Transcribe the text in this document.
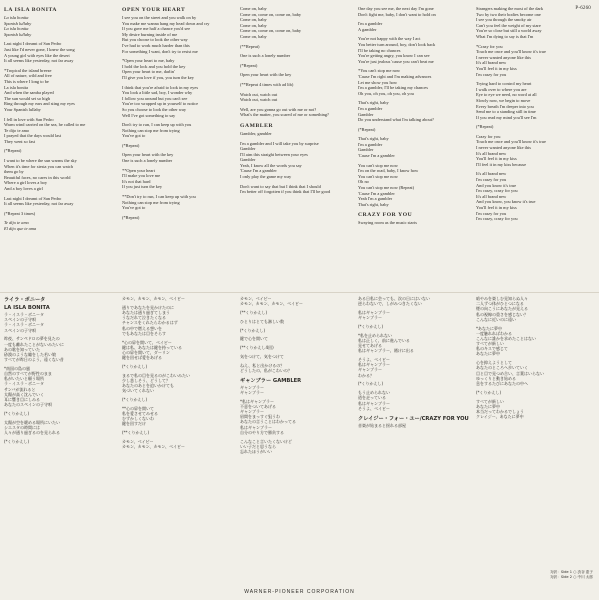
P-6260
LA ISLA BONITA
La isla bonita
Spanish lullaby
La isla bonita
Spanish lullaby
Last night I dreamt of San Pedro
Just like I'd never gone, I knew the song
A young girl with eyes like the desert
It all seems like yesterday, not far away
*Tropical the island breeze
All of nature, wild and free
This is where I long to be
La isla bonita
And when the samba played
The sun would set so high
Ring through my ears and sting my eyes
Your Spanish lullaby
I fell in love with San Pedro
Warm wind carried on the sea, he called to me
Te dijo te amo
I prayed that the days would last
They went so fast
(*Repeat)
I want to be where the sun warms the sky
When it's time for siesta you can watch
them go by
Beautiful faces, no cares in this world
Where a girl loves a boy
And a boy loves a girl
Last night I dreamt of San Pedro
It all seems like yesterday, not far away
(*Repeat 3 times)
Te dijo te amo
El dijo que te ama
OPEN YOUR HEART
I see you on the street and you walk on by
You make me wanna hang my head down and cry
If you gave me half a chance you'd see
My desire burning inside of me
But you choose to look the other way
I've had to work much harder than this
For something I want, don't try to resist me
*Open your heart to me, baby
I hold the lock and you hold the key
Open your heart to me, darlin'
I'll give you love if you, you turn the key
I think that you're afraid to look in my eyes
You look a little sad, boy, I wonder why
I follow you around but you can't see
You're too wrapped up in yourself to notice
So you choose to look the other way
Well I've got something to say
Don't try to run, I can keep up with you
Nothing can stop me from trying
You've got to
(*Repeat)
Open your heart with the key
One is such a lonely number
**Open your heart
I'll make you love me
It's not that hard
If you just turn the key
**Don't try to run, I can keep up with you
Nothing can stop me from trying
You've got to
(*Repeat)
Come on, baby
Come on, come on, come on, baby
Come on, baby
Come on, baby
Come on, come on, come on, baby
Come on, baby
(**Repeat)
One is such a lonely number
(*Repeat)
Open your heart with the key
(**Repeat 4 times with ad lib)
Watch out, watch out
Watch out, watch out
Well, are you gonna go out with me or not?
What's the matter, you scared of me or something?
GAMBLER
Gambler, gambler
I'm a gambler and I will take you by surprise
Gambler
I'll aim this straight between your eyes
Gambler
Yeah, I know all the words you say
'Cause I'm a gambler
I only play the game my way
Don't want to say that but I think that I should
I'm better off forgotten if you think that I'll be good
One day you see me, the next day I'm gone
Don't fight me, baby, I don't want to hold on
I'm a gambler
A gambler
You're not happy with the way I act
You better turn around, boy, don't look back
I'll be taking no chances
You're getting angry, you know I can see
You're just jealous 'cause you can't beat me
*You can't stop me now
'Cause I'm right and I'm making advances
Let me show you how
I'm a gambler, I'll be taking my chances
Oh you, oh you, oh you, oh you
That's right, baby
I'm a gambler
Gambler
Do you understand what I'm talking about?
(*Repeat)
That's right, baby
I'm a gambler
Gambler
'Cause I'm a gambler
You can't stop me now
I'm on the road, baby, I know how
You can't stop me now
Oh no
You can't stop me now (Repeat)
'Cause I'm a gambler
Yeah I'm a gambler
That's right, baby
CRAZY FOR YOU
Swaying room as the music starts
Strangers making the most of the dark
Two by two their bodies become one
I see you through the smoky air
Can't you feel the weight of my stare
You're so close but still a world away
What I'm dying to say is that I'm
*Crazy for you
Touch me once and you'll know it's true
I never wanted anyone like this
It's all brand new
You'll feel it in my kiss
I'm crazy for you
Trying hard to control my heart
I walk over to where you are
Eye to eye we need, no word at all
Slowly now, we begin to move
Every breath I'm deeper into you
Send me to a standing still in time
If you read my mind you'll see I'm
(*Repeat)
Crazy for you
Touch me once and you'll know it's true
I never wanted anyone like this
It's all brand new
You'll feel it in my kiss
I'll feel it in my kiss because
It's all brand new
I'm crazy for you
And you know it's true
I'm crazy, crazy for you
It's all brand new
And you know, you know it's true
You'll feel it in my kiss
I'm crazy for you
I'm crazy, crazy for you
ライラ・ボニータ
LA ISLA BONITA
ラ・イスラ・ボニータ
スペインの子守唄
ラ・イスラ・ボニータ
スペインの子守唄
昨夜、サンペドロの夢を見たの
一度も離れたことがないみたいに
あの歌を知っていた
砂漠のような瞳をした若い娘
すべてが昨日のよう、遠くない昔
*南国の島の風
自然のすべてが野性のまま
私がいたいと願う場所
ラ・イスラ・ボニータ
サンバが流れると
太陽が高く沈んでいく
耳に響き目にしみる
あなたのスペインの子守唄
(*くりかえし)
太陽が空を暖める場所にいたい
シエスタの時間には
人々が通り過ぎるのを見られる
(*くりかえし)
カモン、カモン、カモン、ベイビー
通りであなたを見かけたのに
あなたは通り過ぎてしまう
うなだれて泣きたくなる
チャンスをくれたらわかるはず
私の中で燃える想いを
でもあなたは目をそらす
*心の扉を開いて、ベイビー
鍵は私、あなたは鍵を持っている
心の扉を開いて、ダーリン
鍵を回せば愛をあげる
(*くりかえし)
まるで私の目を見るのがこわいみたい
少し悲しそう、どうして？
あなたのあとを追いかけても
気づいてくれない
(*くりかえし)
**心の扉を開いて
私を愛させてみせる
むずかしくないわ
鍵を回すだけ
(**くりかえし)
カモン、ベイビー
カモン、カモン、カモン、ベイビー
カモン、ベイビー
カモン、カモン、カモン、ベイビー
(**くりかえし)
ひとりはとても淋しい数
(*くりかえし)
鍵で心を開いて
(**くりかえし4回)
気をつけて、気をつけて
ねえ、私と出かけるの？
どうしたの、私がこわいの？
ギャンブラー GAMBLER
ギャンブラー
ギャンブラー
*私はギャンブラー
不意をついてあげる
ギャンブラー
眉間をまっすぐ狙うわ
あなたの言うことはわかってる
私はギャンブラー
自分のやり方で勝負する
こんなこと言いたくないけど
いい子だと思うなら
忘れたほうがいい
ある日私に会っても、次の日にはいない
逆らわないで、しがみつきたくない
私はギャンブラー
ギャンブラー
(*くりかえし)
*私を止められない
私は正しく、前に進んでいる
見せてあげる
私はギャンブラー、賭けに出る
そうよ、ベイビー
私はギャンブラー
ギャンブラー
わかる？
(*くりかえし)
もう止められない
道を走っている
私はギャンブラー
そうよ、ベイビー
クレイジー・フォー・ユー/CRAZY FOR YOU
音楽が始まると揺れる部屋
暗やみを楽しむ見知らぬ人々
二人ずつ体がひとつになる
煙の向こうにあなたが見える
私の視線の重さを感じない？
こんなに近いのに遠い
*あなたに夢中
一度触れればわかる
こんなに誰かを求めたことはない
すべてが新しい
私のキスで感じて
あなたに夢中
心を抑えようとして
あなたのところへ歩いていく
目と目で見つめ合い、言葉はいらない
ゆっくりと動き始める
息をするたびにあなたの中へ
(*くりかえし)
すべてが新しい
あなたに夢中
本当だってわかるでしょう
クレイジー、あなたに夢中
対訳：Side 1 ○ 渋谷 恵子
対訳：Side 2 ○ 中川 太郎
WARNER-PIONEER CORPORATION
